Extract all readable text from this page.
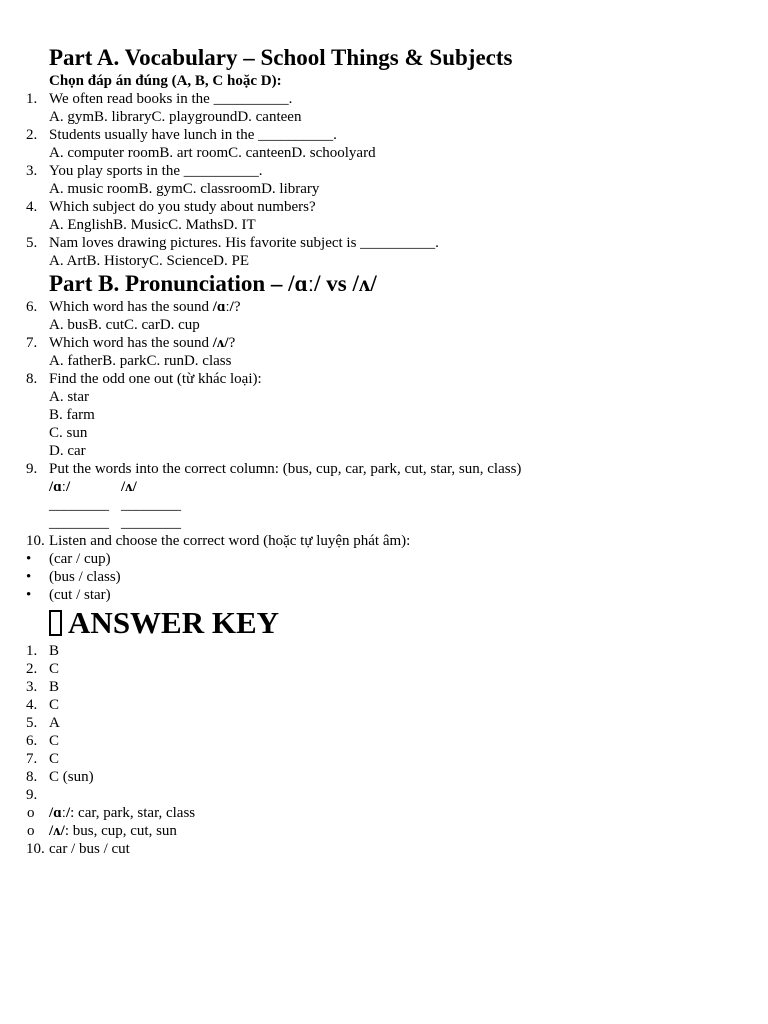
Part A. Vocabulary – School Things & Subjects
Chọn đáp án đúng (A, B, C hoặc D):
1. We often read books in the __________.
A. gymB. libraryC. playgroundD. canteen
2. Students usually have lunch in the __________.
A. computer roomB. art roomC. canteenD. schoolyard
3. You play sports in the __________.
A. music roomB. gymC. classroomD. library
4. Which subject do you study about numbers?
A. EnglishB. MusicC. MathsD. IT
5. Nam loves drawing pictures. His favorite subject is __________.
A. ArtB. HistoryC. ScienceD. PE
Part B. Pronunciation – /ɑː/ vs /ʌ/
6. Which word has the sound /ɑː/?
A. busB. cutC. carD. cup
7. Which word has the sound /ʌ/?
A. fatherB. parkC. runD. class
8. Find the odd one out (từ khác loại):
A. star
B. farm
C. sun
D. car
9. Put the words into the correct column: (bus, cup, car, park, cut, star, sun, class)
/ɑː/	/ʌ/
________ ________
________ ________
10. Listen and choose the correct word (hoặc tự luyện phát âm):
• (car / cup)
• (bus / class)
• (cut / star)
ANSWER KEY
1. B
2. C
3. B
4. C
5. A
6. C
7. C
8. C (sun)
9.
o /ɑː/: car, park, star, class
o /ʌ/: bus, cup, cut, sun
10. car / bus / cut
